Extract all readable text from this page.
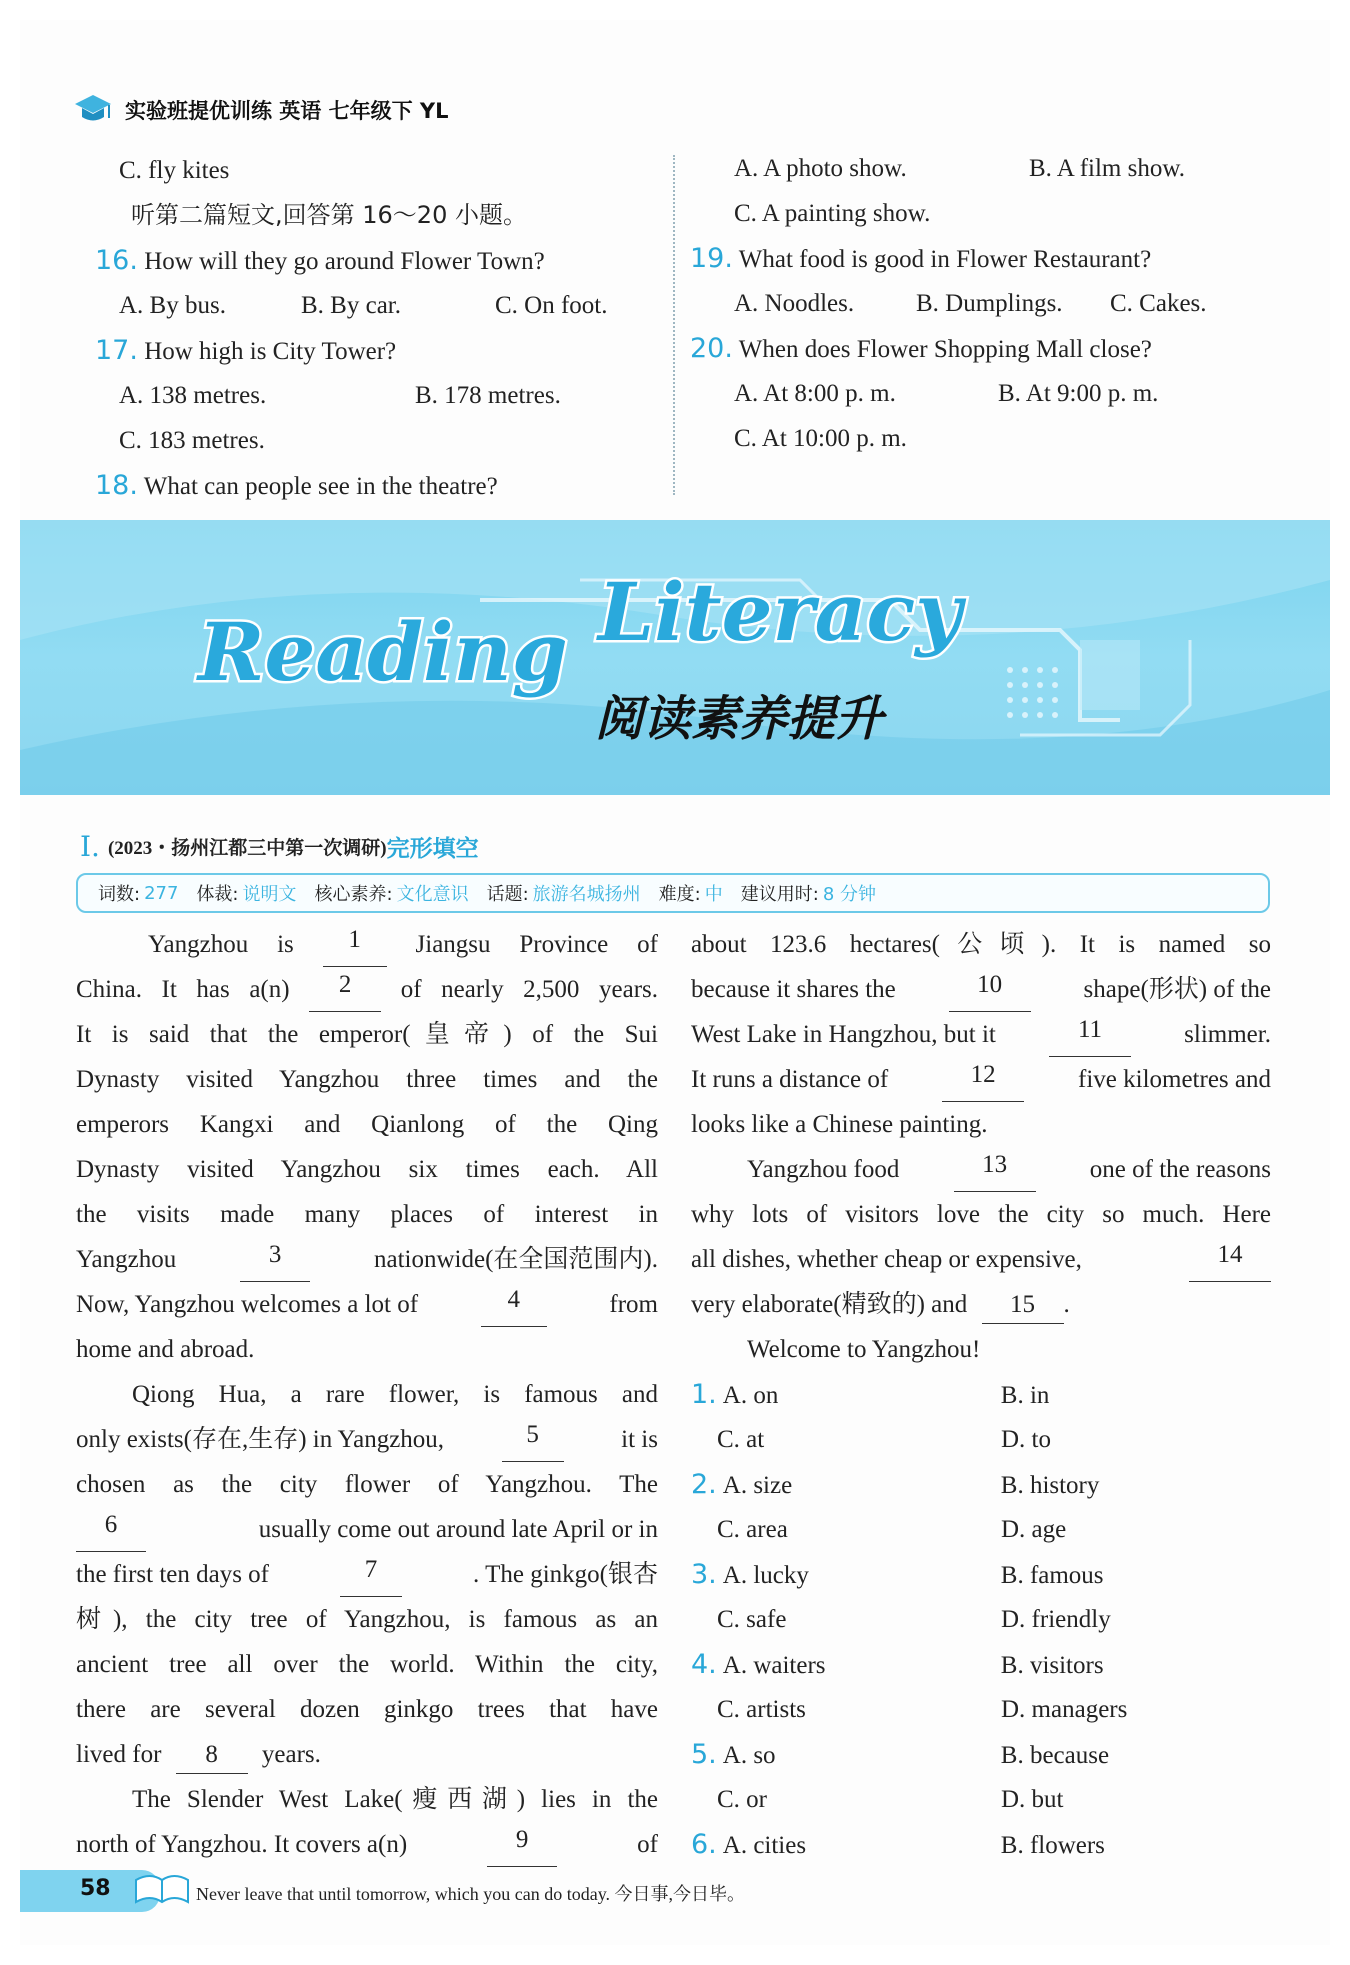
实验班提优训练 英语 七年级下 YL
C. fly kites
听第二篇短文,回答第 16～20 小题。
16. How will they go around Flower Town?
A. By bus.	B. By car.	C. On foot.
17. How high is City Tower?
A. 138 metres.	B. 178 metres.
C. 183 metres.
18. What can people see in the theatre?
A. A photo show.	B. A film show.
C. A painting show.
19. What food is good in Flower Restaurant?
A. Noodles. B. Dumplings. C. Cakes.
20. When does Flower Shopping Mall close?
A. At 8:00 p. m.	B. At 9:00 p. m.
C. At 10:00 p. m.
Reading Literacy
阅读素养提升
Ⅰ. (2023・扬州江都三中第一次调研) 完形填空
词数: 277 体裁: 说明文 核心素养: 文化意识 话题: 旅游名城扬州 难度: 中 建议用时: 8 分钟
Yangzhou is	1	Jiangsu Province of
China. It has a(n)	2	of nearly 2,500 years.
It is said that the emperor(皇帝) of the Sui
Dynasty visited Yangzhou three times and the
emperors Kangxi and Qianlong of the Qing
Dynasty visited Yangzhou six times each. All
the visits made many places of interest in
Yangzhou	3	nationwide(在全国范围内).
Now, Yangzhou welcomes a lot of	4	from
home and abroad.
Qiong Hua, a rare flower, is famous and
only exists(存在,生存) in Yangzhou,	5	it is
chosen as the city flower of Yangzhou. The
6	usually come out around late April or in
the first ten days of	7	. The ginkgo(银杏
树), the city tree of Yangzhou, is famous as an
ancient tree all over the world. Within the city,
there are several dozen ginkgo trees that have
lived for 8 years.
The Slender West Lake(瘦西湖) lies in the
north of Yangzhou. It covers a(n)	9	of
about 123.6 hectares(公顷). It is named so
because it shares the	10	shape(形状) of the
West Lake in Hangzhou, but it	11	slimmer.
It runs a distance of	12	five kilometres and
looks like a Chinese painting.
Yangzhou food	13	one of the reasons
why lots of visitors love the city so much. Here
all dishes, whether cheap or expensive,	14
very elaborate(精致的) and 15 .
Welcome to Yangzhou!
1. A. on	B. in
C. at	D. to
2. A. size	B. history
C. area	D. age
3. A. lucky	B. famous
C. safe	D. friendly
4. A. waiters	B. visitors
C. artists	D. managers
5. A. so	B. because
C. or	D. but
6. A. cities	B. flowers
58	Never leave that until tomorrow, which you can do today. 今日事,今日毕。
